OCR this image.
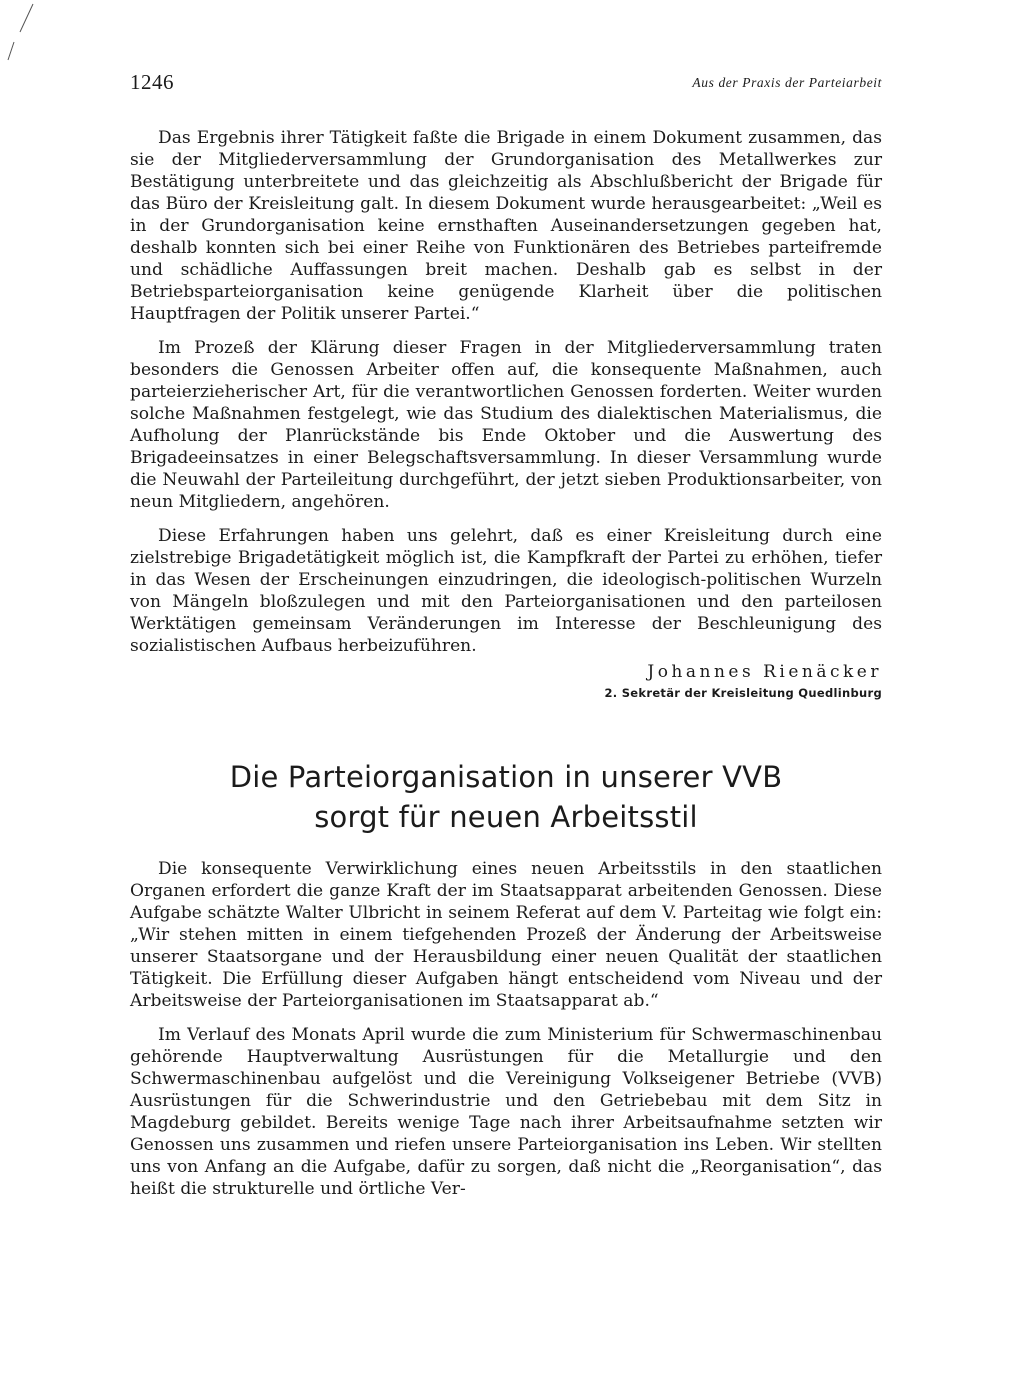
1246	Aus der Praxis der Parteiarbeit

Das Ergebnis ihrer Tätigkeit faßte die Brigade in einem Dokument zusammen, das sie der Mitgliederversammlung der Grundorganisation des Metallwerkes zur Bestätigung unterbreitete und das gleichzeitig als Abschlußbericht der Brigade für das Büro der Kreisleitung galt. In diesem Dokument wurde herausgearbeitet: „Weil es in der Grundorganisation keine ernsthaften Auseinandersetzungen gegeben hat, deshalb konnten sich bei einer Reihe von Funktionären des Betriebes parteifremde und schädliche Auffassungen breit machen. Deshalb gab es selbst in der Betriebsparteiorganisation keine genügende Klarheit über die politischen Hauptfragen der Politik unserer Partei.“

Im Prozeß der Klärung dieser Fragen in der Mitgliederversammlung traten besonders die Genossen Arbeiter offen auf, die konsequente Maßnahmen, auch parteierzieherischer Art, für die verantwortlichen Genossen forderten. Weiter wurden solche Maßnahmen festgelegt, wie das Studium des dialektischen Materialismus, die Aufholung der Planrückstände bis Ende Oktober und die Auswertung des Brigadeeinsatzes in einer Belegschaftsversammlung. In dieser Versammlung wurde die Neuwahl der Parteileitung durchgeführt, der jetzt sieben Produktionsarbeiter, von neun Mitgliedern, angehören.

Diese Erfahrungen haben uns gelehrt, daß es einer Kreisleitung durch eine zielstrebige Brigadetätigkeit möglich ist, die Kampfkraft der Partei zu erhöhen, tiefer in das Wesen der Erscheinungen einzudringen, die ideologisch-politischen Wurzeln von Mängeln bloßzulegen und mit den Parteiorganisationen und den parteilosen Werktätigen gemeinsam Veränderungen im Interesse der Beschleunigung des sozialistischen Aufbaus herbeizuführen.

Johannes Rienäcker
2. Sekretär der Kreisleitung Quedlinburg
Die Parteiorganisation in unserer VVB
sorgt für neuen Arbeitsstil

Die konsequente Verwirklichung eines neuen Arbeitsstils in den staatlichen Organen erfordert die ganze Kraft der im Staatsapparat arbeitenden Genossen. Diese Aufgabe schätzte Walter Ulbricht in seinem Referat auf dem V. Parteitag wie folgt ein: „Wir stehen mitten in einem tiefgehenden Prozeß der Änderung der Arbeitsweise unserer Staatsorgane und der Herausbildung einer neuen Qualität der staatlichen Tätigkeit. Die Erfüllung dieser Aufgaben hängt entscheidend vom Niveau und der Arbeitsweise der Parteiorganisationen im Staatsapparat ab.“

Im Verlauf des Monats April wurde die zum Ministerium für Schwermaschinenbau gehörende Hauptverwaltung Ausrüstungen für die Metallurgie und den Schwermaschinenbau aufgelöst und die Vereinigung Volkseigener Betriebe (VVB) Ausrüstungen für die Schwerindustrie und den Getriebebau mit dem Sitz in Magdeburg gebildet. Bereits wenige Tage nach ihrer Arbeitsaufnahme setzten wir Genossen uns zusammen und riefen unsere Parteiorganisation ins Leben. Wir stellten uns von Anfang an die Aufgabe, dafür zu sorgen, daß nicht die „Reorganisation“, das heißt die strukturelle und örtliche Ver-
